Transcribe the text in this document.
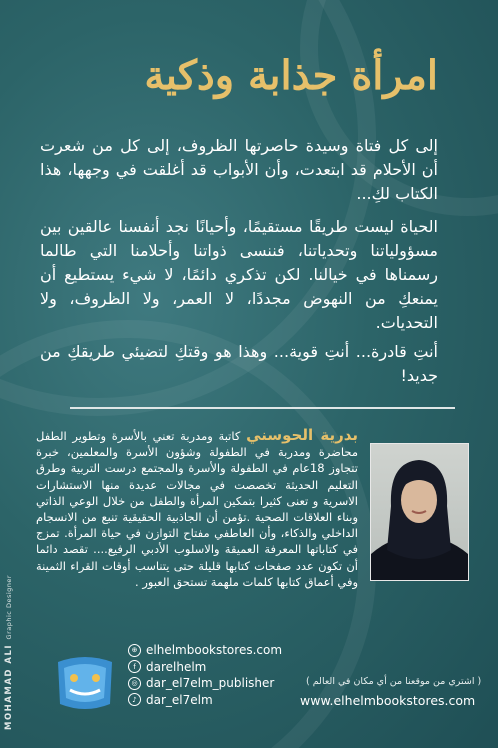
امرأة جذابة وذكية

إلى كل فتاة وسيدة حاصرتها الظروف، إلى كل من شعرت أن الأحلام قد ابتعدت، وأن الأبواب قد أغلقت في وجهها، هذا الكتاب لكِ...

الحياة ليست طريقًا مستقيمًا، وأحيانًا نجد أنفسنا عالقين بين مسؤولياتنا وتحدياتنا، فننسى ذواتنا وأحلامنا التي طالما رسمناها في خيالنا. لكن تذكري دائمًا، لا شيء يستطيع أن يمنعكِ من النهوض مجددًا، لا العمر، ولا الظروف، ولا التحديات.

أنتِ قادرة... أنتِ قوية... وهذا هو وقتكِ لتضيئي طريقكِ من جديد!

بدرية الحوسني كاتبة ومدربة تعني بالأسرة وتطوير الطفل محاضرة ومدربة في الطفولة وشؤون الأسرة والمعلمين، خبرة تتجاوز 18عام في الطفولة والأسرة والمجتمع درست التربية وطرق التعليم الحديثة تخصصت في مجالات عديدة منها الاستشارات الاسرية و تعنى كثيرا بتمكين المرأة والطفل من خلال الوعي الذاتي وبناء العلاقات الصحية .تؤمن أن الجاذبية الحقيقية تنبع من الانسجام الداخلي والذكاء، وأن العاطفي مفتاح التوازن في حياة المرأة. تمزج في كتاباتها المعرفة العميقة والاسلوب الأدبي الرفيع.... تقصد دائما أن تكون عدد صفحات كتابها قليلة حتى يتناسب أوقات القراء الثمينة وفي أعماق كتابها كلمات ملهمة تستحق العبور .

⊕ elhelmbookstores.com
f darelhelm
◎ dar_el7elm_publisher
♪ dar_el7elm
( اشتري من موقعنا من أي مكان في العالم )
www.elhelmbookstores.com
MOHAMAD ALI Graphic Designer
